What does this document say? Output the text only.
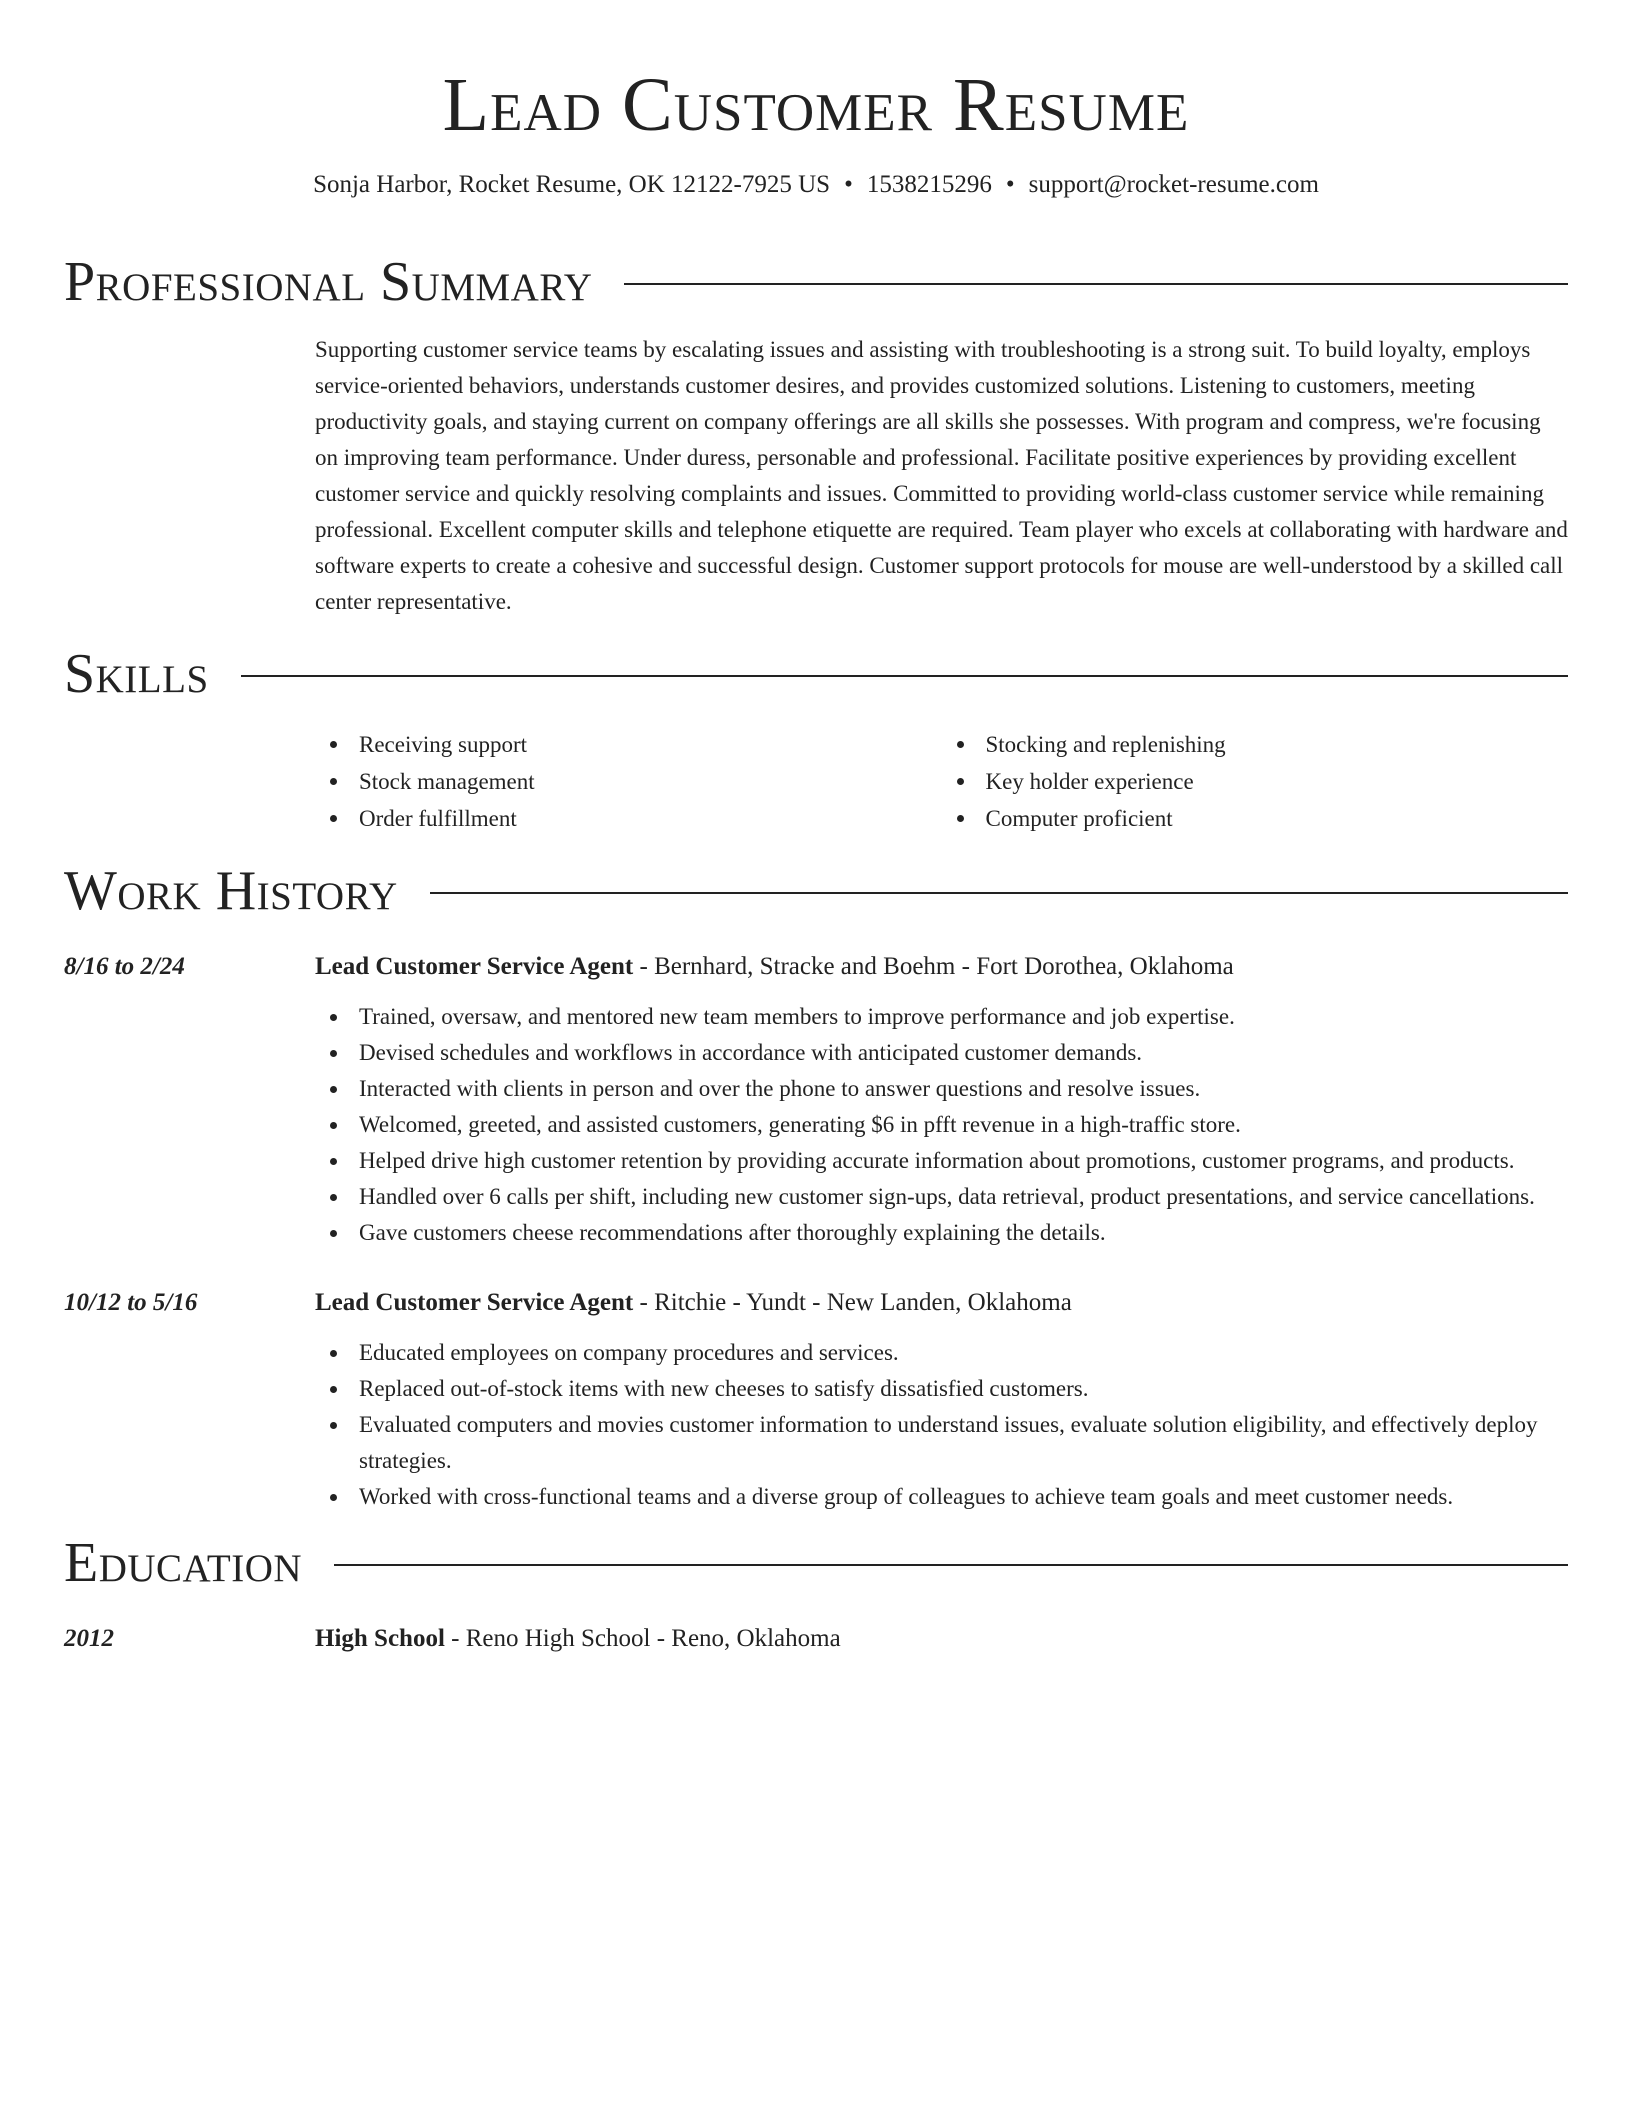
Lead Customer Resume
Sonja Harbor, Rocket Resume, OK 12122-7925 US • 1538215296 • support@rocket-resume.com
Professional Summary
Supporting customer service teams by escalating issues and assisting with troubleshooting is a strong suit. To build loyalty, employs service-oriented behaviors, understands customer desires, and provides customized solutions. Listening to customers, meeting productivity goals, and staying current on company offerings are all skills she possesses. With program and compress, we're focusing on improving team performance. Under duress, personable and professional. Facilitate positive experiences by providing excellent customer service and quickly resolving complaints and issues. Committed to providing world-class customer service while remaining professional. Excellent computer skills and telephone etiquette are required. Team player who excels at collaborating with hardware and software experts to create a cohesive and successful design. Customer support protocols for mouse are well-understood by a skilled call center representative.
Skills
Receiving support
Stock management
Order fulfillment
Stocking and replenishing
Key holder experience
Computer proficient
Work History
8/16 to 2/24	Lead Customer Service Agent - Bernhard, Stracke and Boehm - Fort Dorothea, Oklahoma
Trained, oversaw, and mentored new team members to improve performance and job expertise.
Devised schedules and workflows in accordance with anticipated customer demands.
Interacted with clients in person and over the phone to answer questions and resolve issues.
Welcomed, greeted, and assisted customers, generating $6 in pfft revenue in a high-traffic store.
Helped drive high customer retention by providing accurate information about promotions, customer programs, and products.
Handled over 6 calls per shift, including new customer sign-ups, data retrieval, product presentations, and service cancellations.
Gave customers cheese recommendations after thoroughly explaining the details.
10/12 to 5/16	Lead Customer Service Agent - Ritchie - Yundt - New Landen, Oklahoma
Educated employees on company procedures and services.
Replaced out-of-stock items with new cheeses to satisfy dissatisfied customers.
Evaluated computers and movies customer information to understand issues, evaluate solution eligibility, and effectively deploy strategies.
Worked with cross-functional teams and a diverse group of colleagues to achieve team goals and meet customer needs.
Education
2012	High School - Reno High School - Reno, Oklahoma
